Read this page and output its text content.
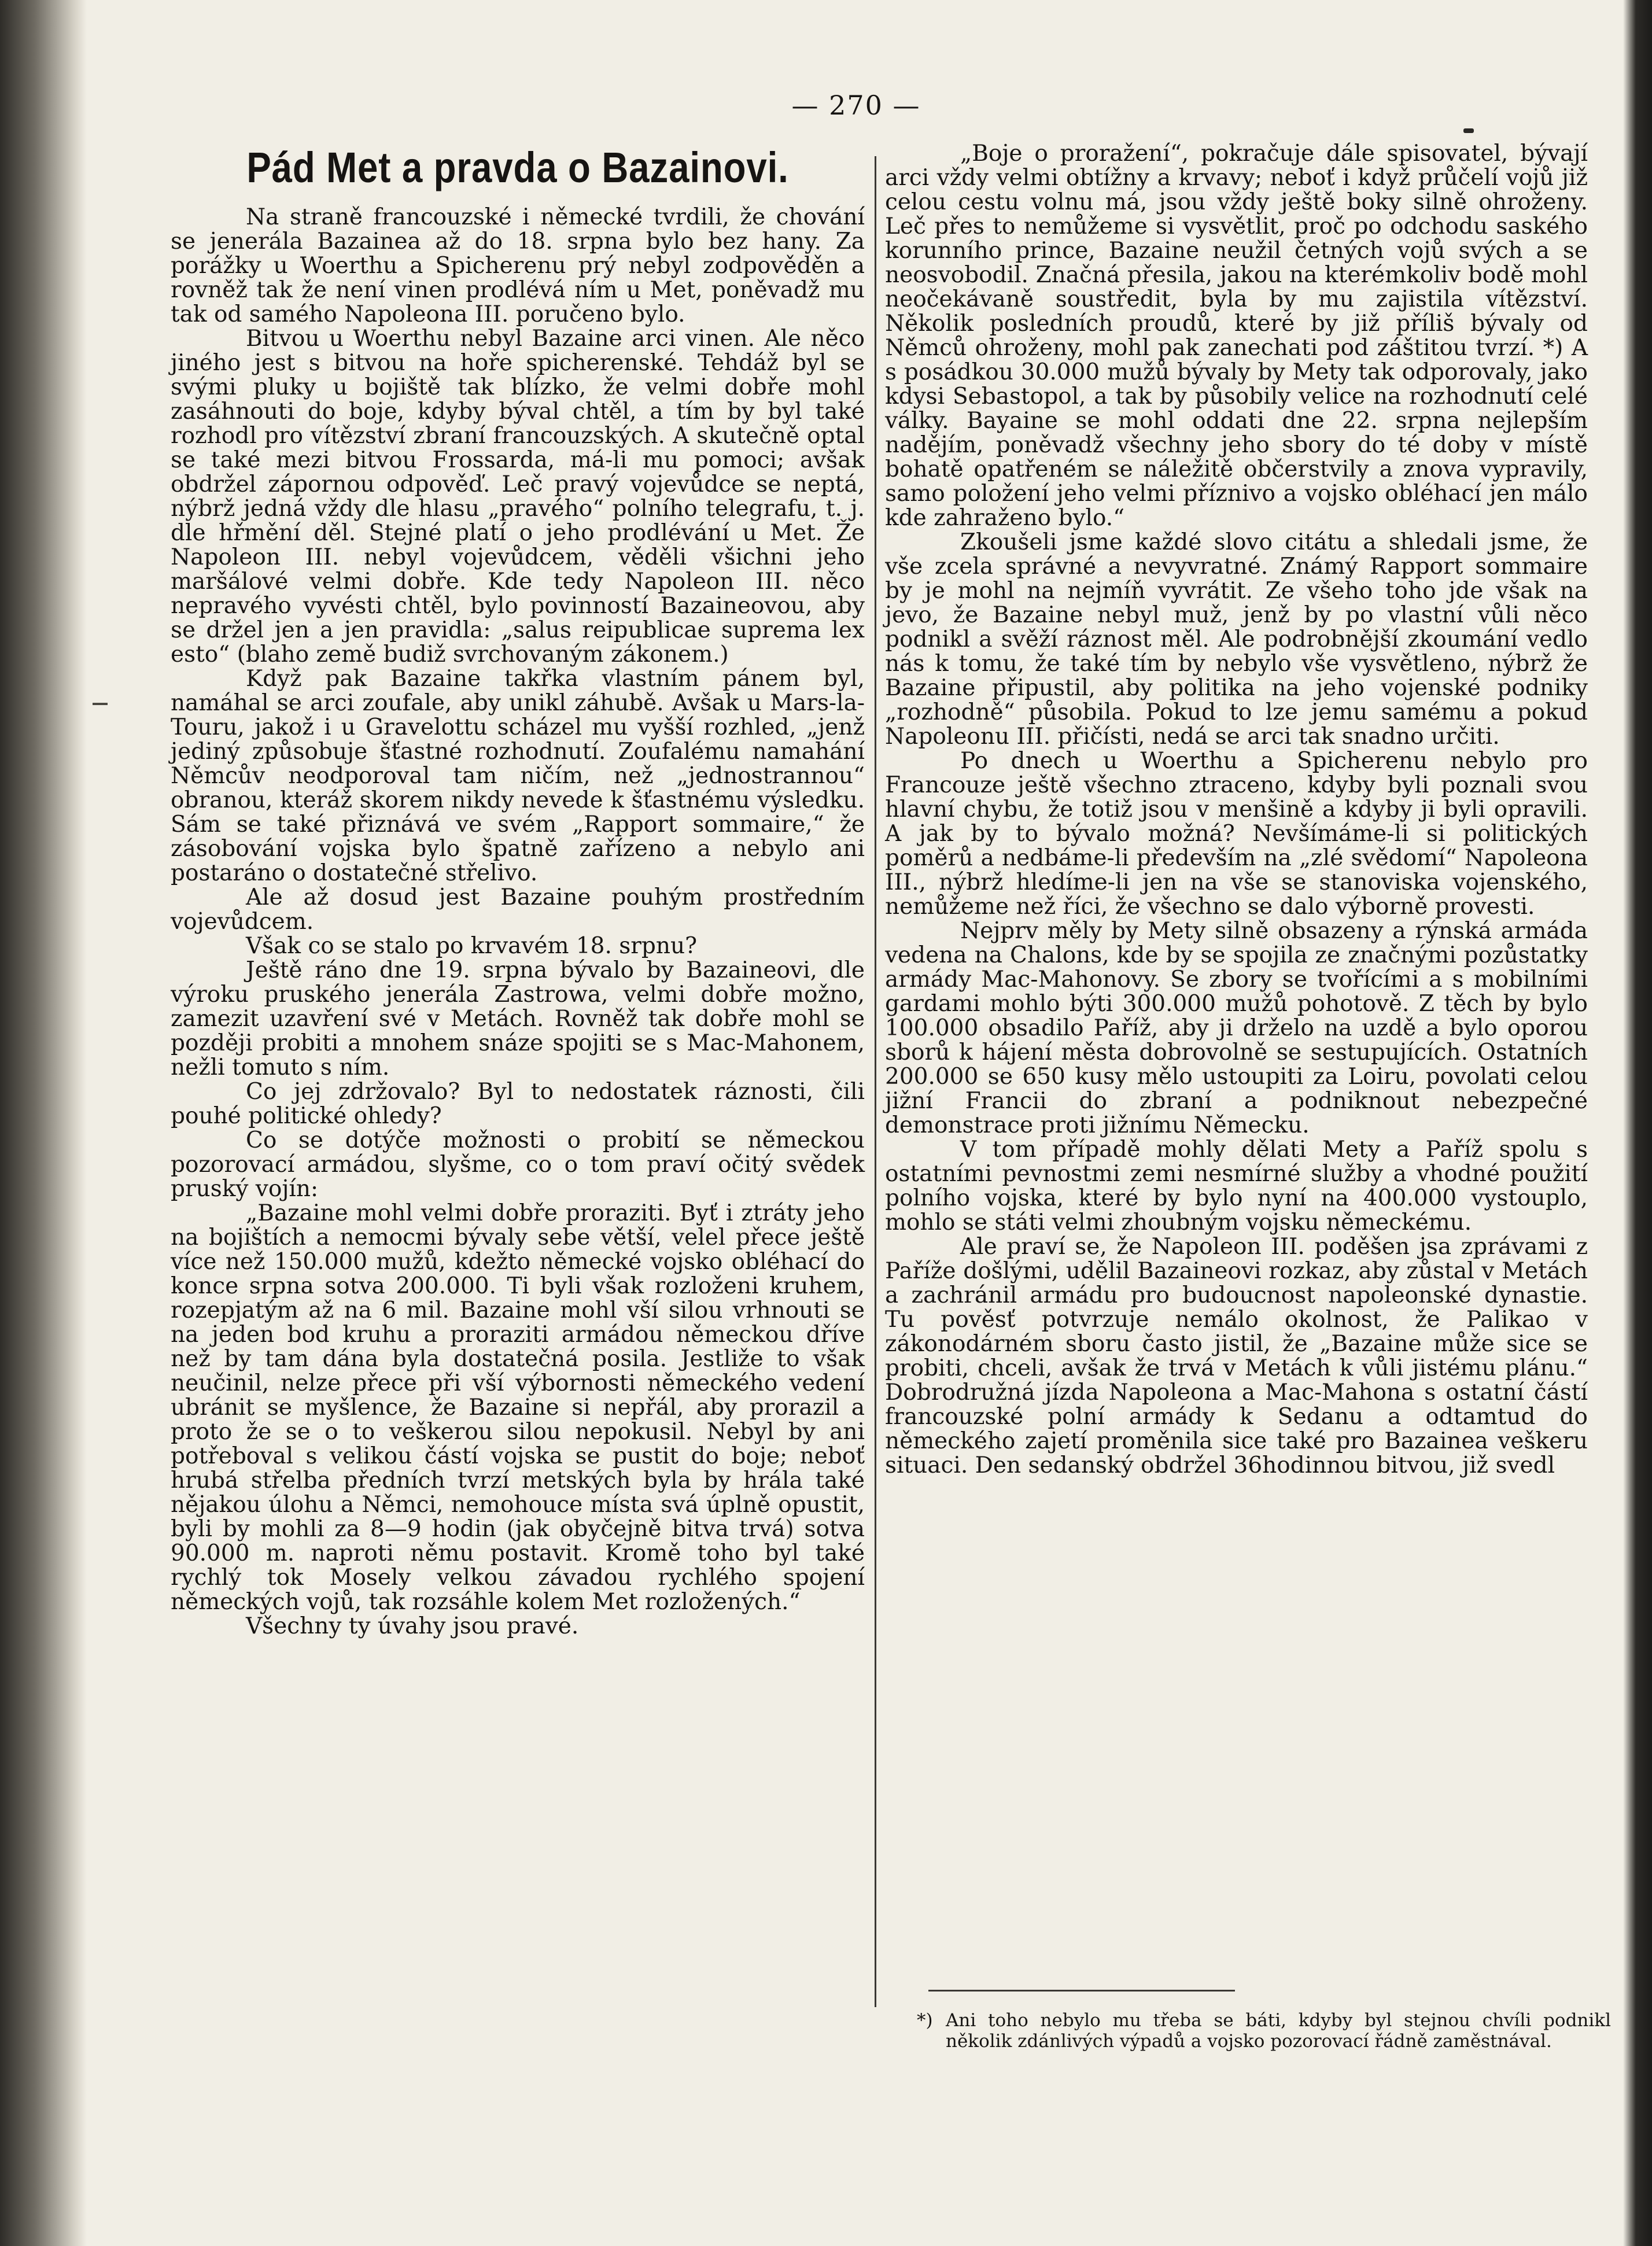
— 270 —
Pád Met a pravda o Bazainovi.

Na straně francouzské i německé tvrdili, že chování se jenerála Bazainea až do 18. srpna bylo bez hany. Za porážky u Woerthu a Spicherenu prý nebyl zodpověděn a rovněž tak že není vinen prodlévá ním u Met, poněvadž mu tak od samého Napoleona III. poručeno bylo.

Bitvou u Woerthu nebyl Bazaine arci vinen. Ale něco jiného jest s bitvou na hoře spicherenské. Tehdáž byl se svými pluky u bojiště tak blízko, že velmi dobře mohl zasáhnouti do boje, kdyby býval chtěl, a tím by byl také rozhodl pro vítězství zbraní francouzských. A skutečně optal se také mezi bitvou Frossarda, má-li mu pomoci; avšak obdržel zápornou odpověď. Leč pravý vojevůdce se neptá, nýbrž jedná vždy dle hlasu „pravého“ polního telegrafu, t. j. dle hřmění děl. Stejné platí o jeho prodlévání u Met. Že Napoleon III. nebyl vojevůdcem, věděli všichni jeho maršálové velmi dobře. Kde tedy Napoleon III. něco nepravého vyvésti chtěl, bylo povinností Bazaineovou, aby se držel jen a jen pravidla: „salus reipublicae suprema lex esto“ (blaho země budiž svrchovaným zákonem.)

Když pak Bazaine takřka vlastním pánem byl, namáhal se arci zoufale, aby unikl záhubě. Avšak u Mars-la-Touru, jakož i u Gravelottu scházel mu vyšší rozhled, „jenž jediný způsobuje šťastné rozhodnutí. Zoufalému namahání Němcův neodporoval tam ničím, než „jednostrannou“ obranou, kteráž skorem nikdy nevede k šťastnému výsledku. Sám se také přiznává ve svém „Rapport sommaire,“ že zásobování vojska bylo špatně zařízeno a nebylo ani postaráno o dostatečné střelivo.

Ale až dosud jest Bazaine pouhým prostředním vojevůdcem.

Však co se stalo po krvavém 18. srpnu?

Ještě ráno dne 19. srpna bývalo by Bazaineovi, dle výroku pruského jenerála Zastrowa, velmi dobře možno, zamezit uzavření své v Metách. Rovněž tak dobře mohl se později probiti a mnohem snáze spojiti se s Mac-Mahonem, nežli tomuto s ním.

Co jej zdržovalo? Byl to nedostatek ráznosti, čili pouhé politické ohledy?

Co se dotýče možnosti o probití se německou pozorovací armádou, slyšme, co o tom praví očitý svědek pruský vojín:

„Bazaine mohl velmi dobře proraziti. Byť i ztráty jeho na bojištích a nemocmi bývaly sebe větší, velel přece ještě více než 150.000 mužů, kdežto německé vojsko obléhací do konce srpna sotva 200.000. Ti byli však rozloženi kruhem, rozepjatým až na 6 mil. Bazaine mohl vší silou vrhnouti se na jeden bod kruhu a proraziti armádou německou dříve než by tam dána byla dostatečná posila. Jestliže to však neučinil, nelze přece při vší výbornosti německého vedení ubránit se myšlence, že Bazaine si nepřál, aby prorazil a proto že se o to veškerou silou nepokusil. Nebyl by ani potřeboval s velikou částí vojska se pustit do boje; neboť hrubá střelba předních tvrzí metských byla by hrála také nějakou úlohu a Němci, nemohouce místa svá úplně opustit, byli by mohli za 8—9 hodin (jak obyčejně bitva trvá) sotva 90.000 m. naproti němu postavit. Kromě toho byl také rychlý tok Mosely velkou závadou rychlého spojení německých vojů, tak rozsáhle kolem Met rozložených.“

Všechny ty úvahy jsou pravé.

„Boje o proražení“, pokračuje dále spisovatel, bývají arci vždy velmi obtížny a krvavy; neboť i když průčelí vojů již celou cestu volnu má, jsou vždy ještě boky silně ohroženy. Leč přes to nemůžeme si vysvětlit, proč po odchodu saského korunního prince, Bazaine neužil četných vojů svých a se neosvobodil. Značná přesila, jakou na kterémkoliv bodě mohl neočekávaně soustředit, byla by mu zajistila vítězství. Několik posledních proudů, které by již příliš bývaly od Němců ohroženy, mohl pak zanechati pod záštitou tvrzí. *) A s posádkou 30.000 mužů bývaly by Mety tak odporovaly, jako kdysi Sebastopol, a tak by působily velice na rozhodnutí celé války. Bayaine se mohl oddati dne 22. srpna nejlepším nadějím, poněvadž všechny jeho sbory do té doby v místě bohatě opatřeném se náležitě občerstvily a znova vypravily, samo položení jeho velmi příznivo a vojsko obléhací jen málo kde zahraženo bylo.“

Zkoušeli jsme každé slovo citátu a shledali jsme, že vše zcela správné a nevyvratné. Známý Rapport sommaire by je mohl na nejmíň vyvrátit. Ze všeho toho jde však na jevo, že Bazaine nebyl muž, jenž by po vlastní vůli něco podnikl a svěží ráznost měl. Ale podrobnější zkoumání vedlo nás k tomu, že také tím by nebylo vše vysvětleno, nýbrž že Bazaine připustil, aby politika na jeho vojenské podniky „rozhodně“ působila. Pokud to lze jemu samému a pokud Napoleonu III. přičísti, nedá se arci tak snadno určiti.

Po dnech u Woerthu a Spicherenu nebylo pro Francouze ještě všechno ztraceno, kdyby byli poznali svou hlavní chybu, že totiž jsou v menšině a kdyby ji byli opravili. A jak by to bývalo možná? Nevšímáme-li si politických poměrů a nedbáme-li především na „zlé svědomí“ Napoleona III., nýbrž hledíme-li jen na vše se stanoviska vojenského, nemůžeme než říci, že všechno se dalo výborně provesti.

Nejprv měly by Mety silně obsazeny a rýnská armáda vedena na Chalons, kde by se spojila ze značnými pozůstatky armády Mac-Mahonovy. Se zbory se tvořícími a s mobilními gardami mohlo býti 300.000 mužů pohotově. Z těch by bylo 100.000 obsadilo Paříž, aby ji drželo na uzdě a bylo oporou sborů k hájení města dobrovolně se sestupujících. Ostatních 200.000 se 650 kusy mělo ustoupiti za Loiru, povolati celou jižní Francii do zbraní a podniknout nebezpečné demonstrace proti jižnímu Německu.

V tom případě mohly dělati Mety a Paříž spolu s ostatními pevnostmi zemi nesmírné služby a vhodné použití polního vojska, které by bylo nyní na 400.000 vystouplo, mohlo se státi velmi zhoubným vojsku německému.

Ale praví se, že Napoleon III. poděšen jsa zprávami z Paříže došlými, udělil Bazaineovi rozkaz, aby zůstal v Metách a zachránil armádu pro budoucnost napoleonské dynastie. Tu pověsť potvrzuje nemálo okolnost, že Palikao v zákonodárném sboru často jistil, že „Bazaine může sice se probiti, chceli, avšak že trvá v Metách k vůli jistému plánu.“ Dobrodružná jízda Napoleona a Mac-Mahona s ostatní částí francouzské polní armády k Sedanu a odtamtud do německého zajetí proměnila sice také pro Bazainea veškeru situaci. Den sedanský obdržel 36hodinnou bitvou, již svedl

*) Ani toho nebylo mu třeba se báti, kdyby byl stejnou chvíli podnikl několik zdánlivých výpadů a vojsko pozorovací řádně zaměstnával.
